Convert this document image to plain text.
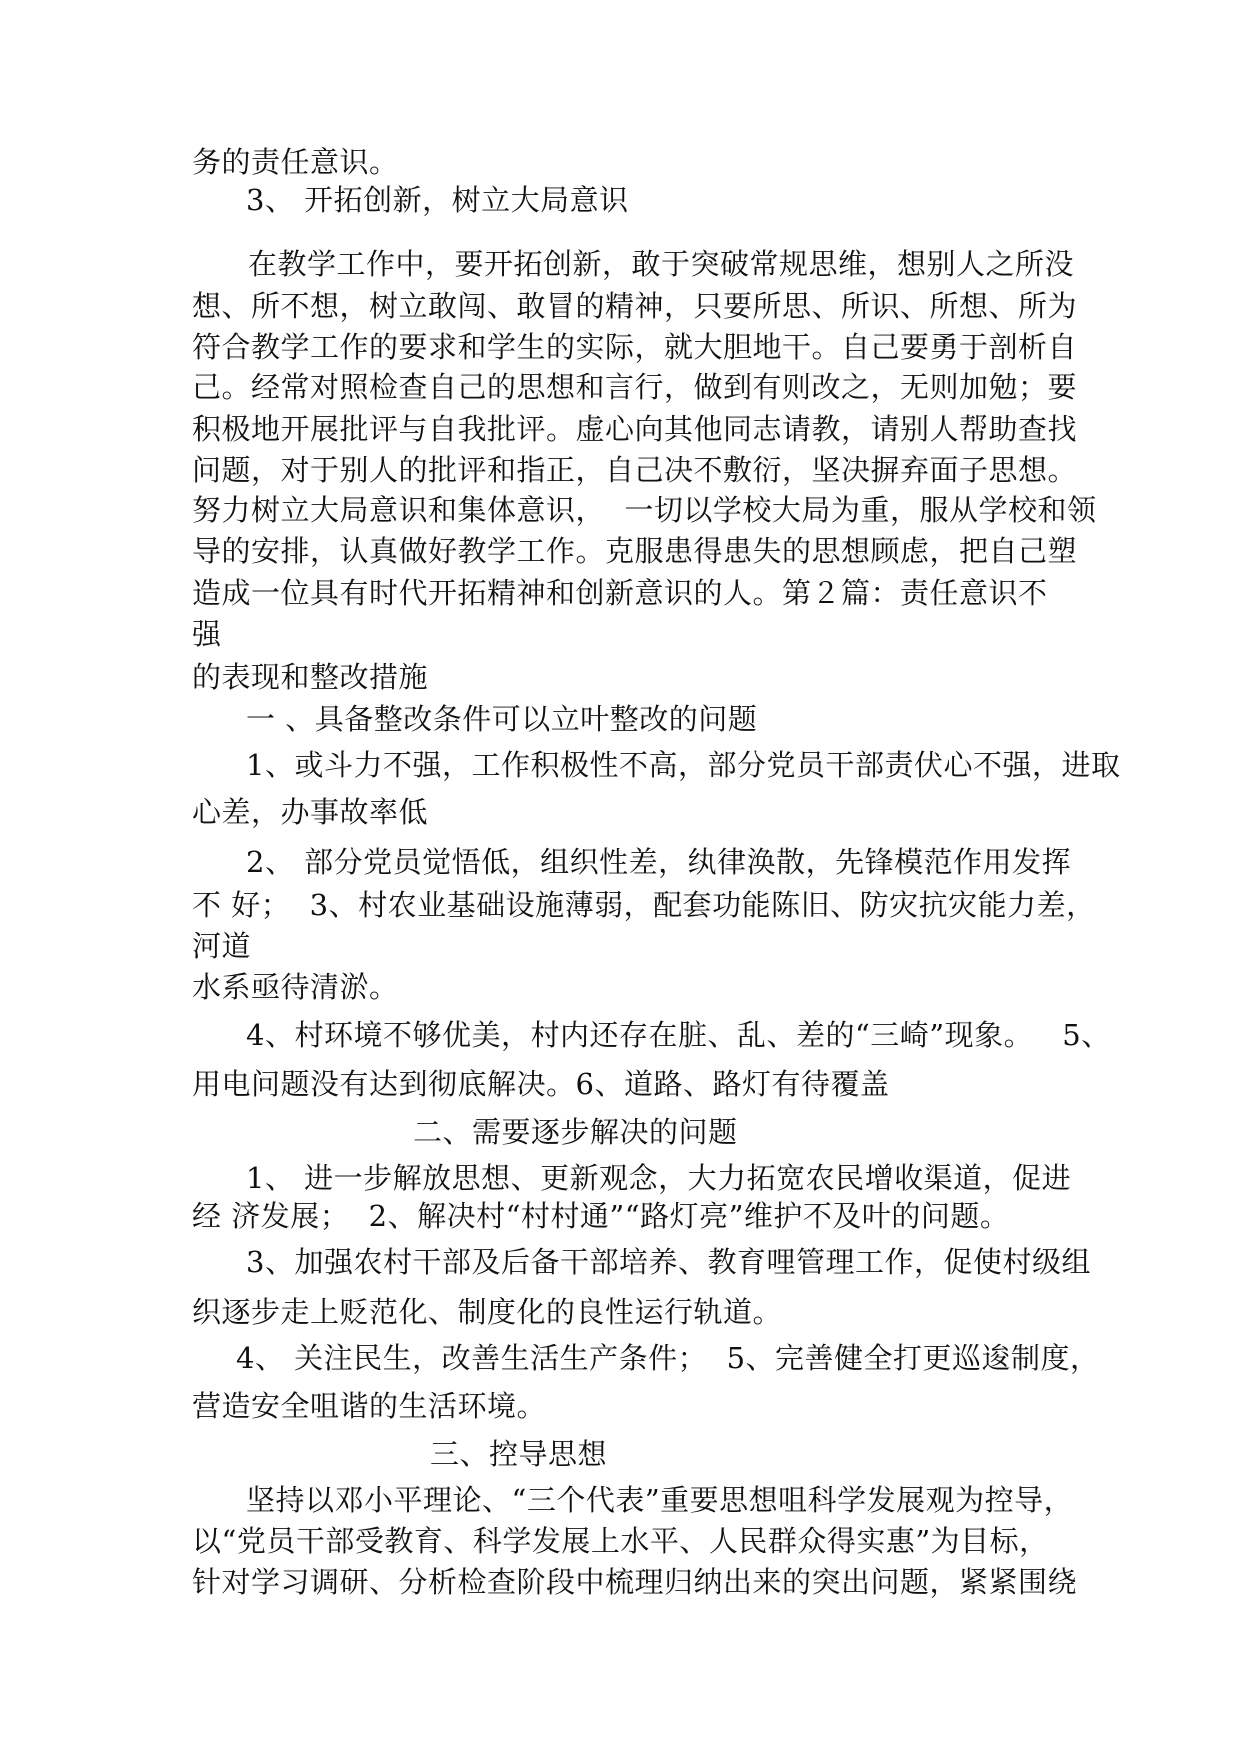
务的责任意识。

3、 开拓创新，树立大局意识

在教学工作中，要开拓创新，敢于突破常规思维，想别人之所没

想、所不想，树立敢闯、敢冒的精神，只要所思、所识、所想、所为

符合教学工作的要求和学生的实际，就大胆地干。自己要勇于剖析自

己。经常对照检查自己的思想和言行，做到有则改之，无则加勉；要

积极地开展批评与自我批评。虚心向其他同志请教，请别人帮助查找

问题，对于别人的批评和指正，自己决不敷衍，坚决摒弃面子思想。

努力树立大局意识和集体意识，  一切以学校大局为重，服从学校和领

导的安排，认真做好教学工作。克服患得患失的思想顾虑，把自己塑

造成一位具有时代开拓精神和创新意识的人。第２篇：责任意识不

强

的表现和整改措施

一 、具备整改条件可以立叶整改的问题

1、或斗力不强，工作积极性不高，部分党员干部责伏心不强，进取

心差，办事故率低

2、 部分党员觉悟低，组织性差，纨律涣散，先锋模范作用发挥

不 好；  3、村农业基础设施薄弱，配套功能陈旧、防灾抗灾能力差，

河道

水系亟待清淤。

4、村环境不够优美，村内还存在脏、乱、差的“三崎”现象。   5、

用电问题没有达到彻底解决。6、道路、路灯有待覆盖

二、需要逐步解决的问题

1、 进一步解放思想、更新观念，大力拓宽农民增收渠道，促进

经 济发展；  2、解决村“村村通”“路灯亮”维护不及叶的问题。

3、加强农村干部及后备干部培养、教育哩管理工作，促使村级组

织逐步走上贬范化、制度化的良性运行轨道。

4、 关注民生，改善生活生产条件；  5、完善健全打更巡逡制度，

营造安全咀谐的生活环境。

三、控导思想

坚持以邓小平理论、“三个代表”重要思想咀科学发展观为控导，

以“党员干部受教育、科学发展上水平、人民群众得实惠”为目标，

针对学习调研、分析检查阶段中梳理归纳出来的突出问题，紧紧围绕
